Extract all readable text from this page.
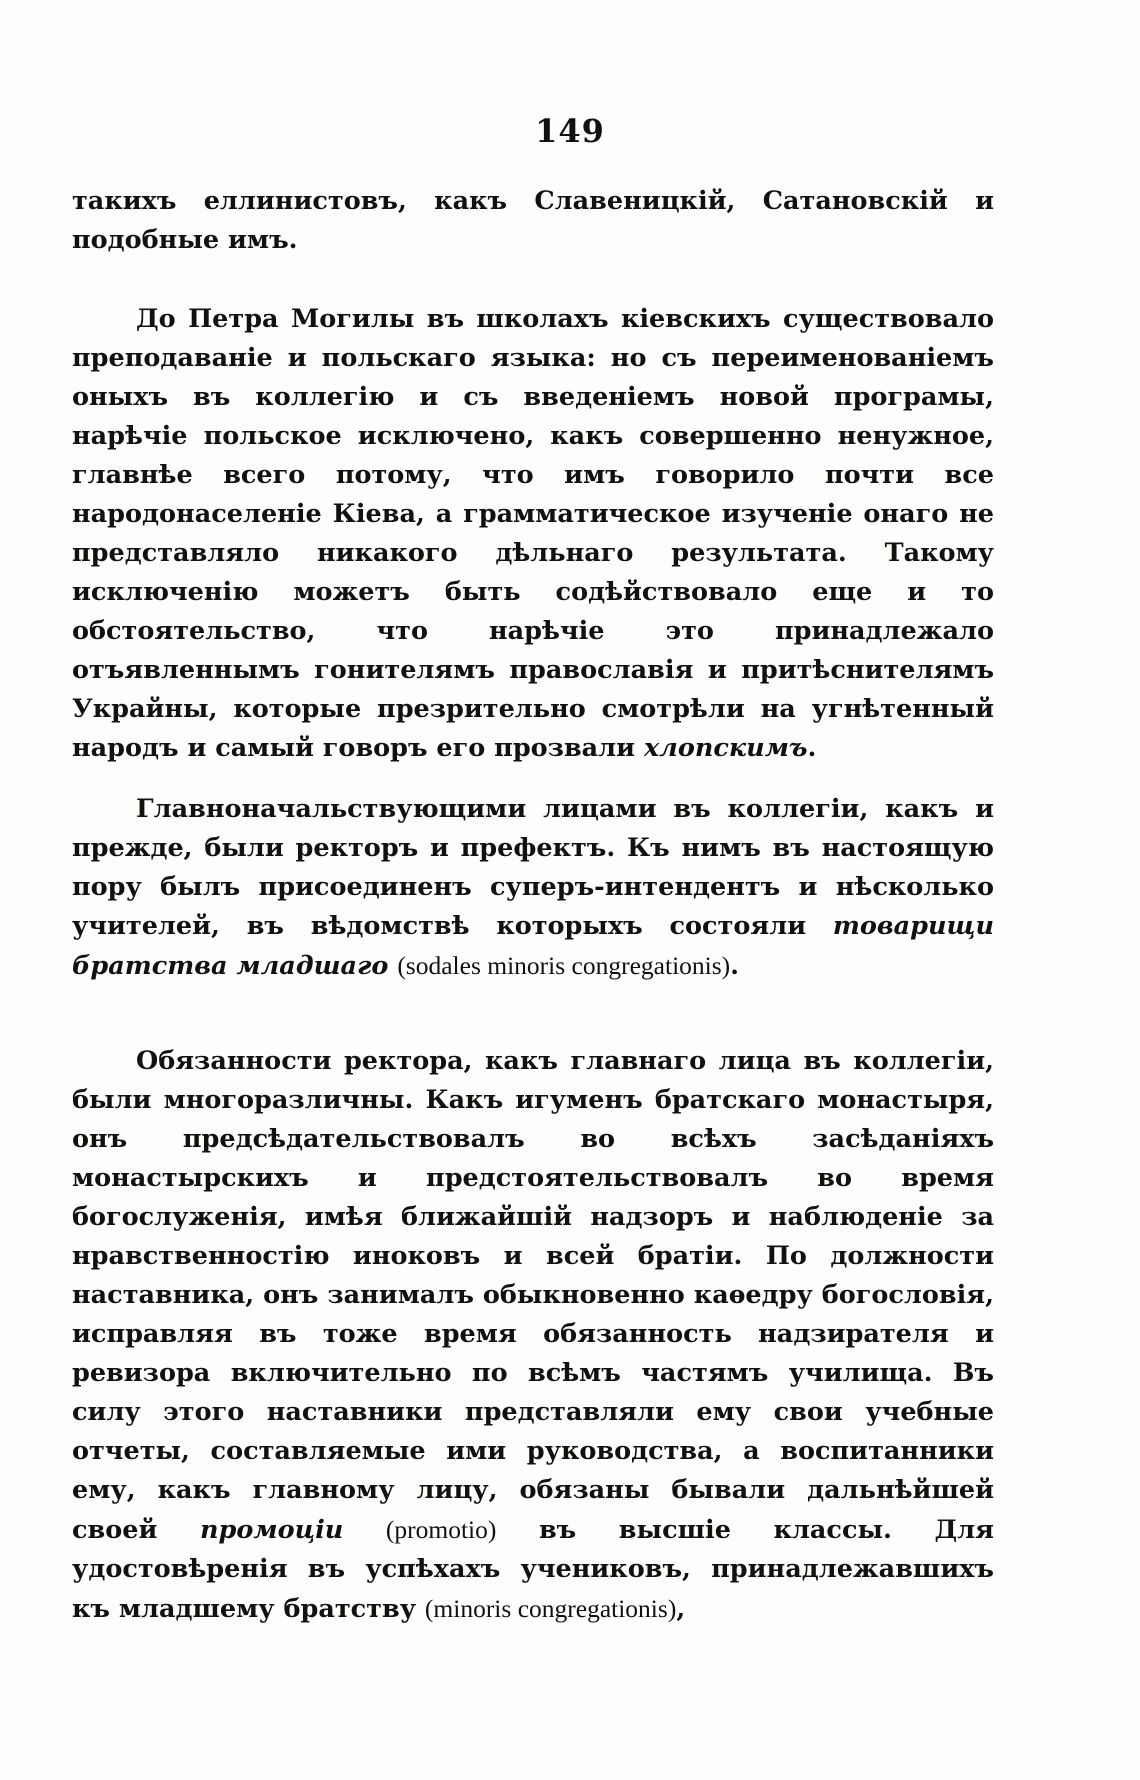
149

такихъ еллинистовъ, какъ Славеницкій, Сатановскій и подобные имъ.

До Петра Могилы въ школахъ кіевскихъ существовало преподаваніе и польскаго языка: но съ переименованіемъ оныхъ въ коллегію и съ введеніемъ новой програмы, нарѣчіе польское исключено, какъ совершенно ненужное, главнѣе всего потому, что имъ говорило почти все народонаселеніе Кіева, а грамматическое изученіе онаго не представляло никакого дѣльнаго результата. Такому исключенію можетъ быть содѣйствовало еще и то обстоятельство, что нарѣчіе это принадлежало отъявленнымъ гонителямъ православія и притѣснителямъ Украйны, которые презрительно смотрѣли на угнѣтенный народъ и самый говоръ его прозвали хлопскимъ.

Главноначальствующими лицами въ коллегіи, какъ и прежде, были ректоръ и префектъ. Къ нимъ въ настоящую пору былъ присоединенъ суперъ-интендентъ и нѣсколько учителей, въ вѣдомствѣ которыхъ состояли товарищи братства младшаго (sodales minoris congregationis).

Обязанности ректора, какъ главнаго лица въ коллегіи, были многоразличны. Какъ игуменъ братскаго монастыря, онъ предсѣдательствовалъ во всѣхъ засѣданіяхъ монастырскихъ и предстоятельствовалъ во время богослуженія, имѣя ближайшій надзоръ и наблюденіе за нравственностію иноковъ и всей братіи. По должности наставника, онъ занималъ обыкновенно каѳедру богословія, исправляя въ тоже время обязанность надзирателя и ревизора включительно по всѣмъ частямъ училища. Въ силу этого наставники представляли ему свои учебные отчеты, составляемые ими руководства, а воспитанники ему, какъ главному лицу, обязаны бывали дальнѣйшей своей промоціи (promotio) въ высшіе классы. Для удостовѣренія въ успѣхахъ учениковъ, принадлежавшихъ къ младшему братству (minoris congregationis),
